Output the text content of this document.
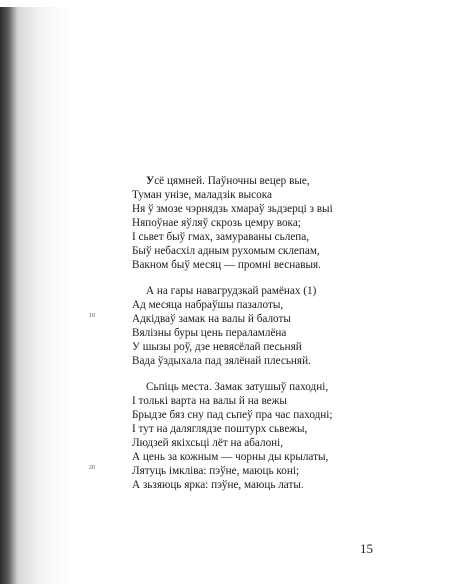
Усё цямней. Паўночны вецер вые,
Туман унізе, маладзік высока
Ня ў змозе чэрнядзь хмараў зьдзерці з выі
Няпоўнае яўляў скрозь цемру вока;
І сьвет быў гмах, замураваны сьлепа,
Быў небасхіл адным рухомым склепам,
Вакном быў месяц — промні веснавыя.
А на гары навагрудзкай рамёнах (1)
Ад месяца набраўшы пазалоты,
10	Адкідваў замак на валы й балоты
Вялізны буры цень пераламлёна
У шызы роў, дзе невясёлай песьняй
Вада ўздыхала пад зялёнай плесьняй.
Сьпіць места. Замак затушыў паходні,
І толькі варта на валы й на вежы
Брыдзе бяз сну пад сьпеў пра час паходні;
І тут на даляглядзе поштурх сьвежы,
Людзей якіхсьці лёт на абалоні,
А цень за кожным — чорны ды крылаты,
20	Лятуць імкліва: пэўне, маюць коні;
А зьзяюць ярка: пэўне, маюць латы.
15
